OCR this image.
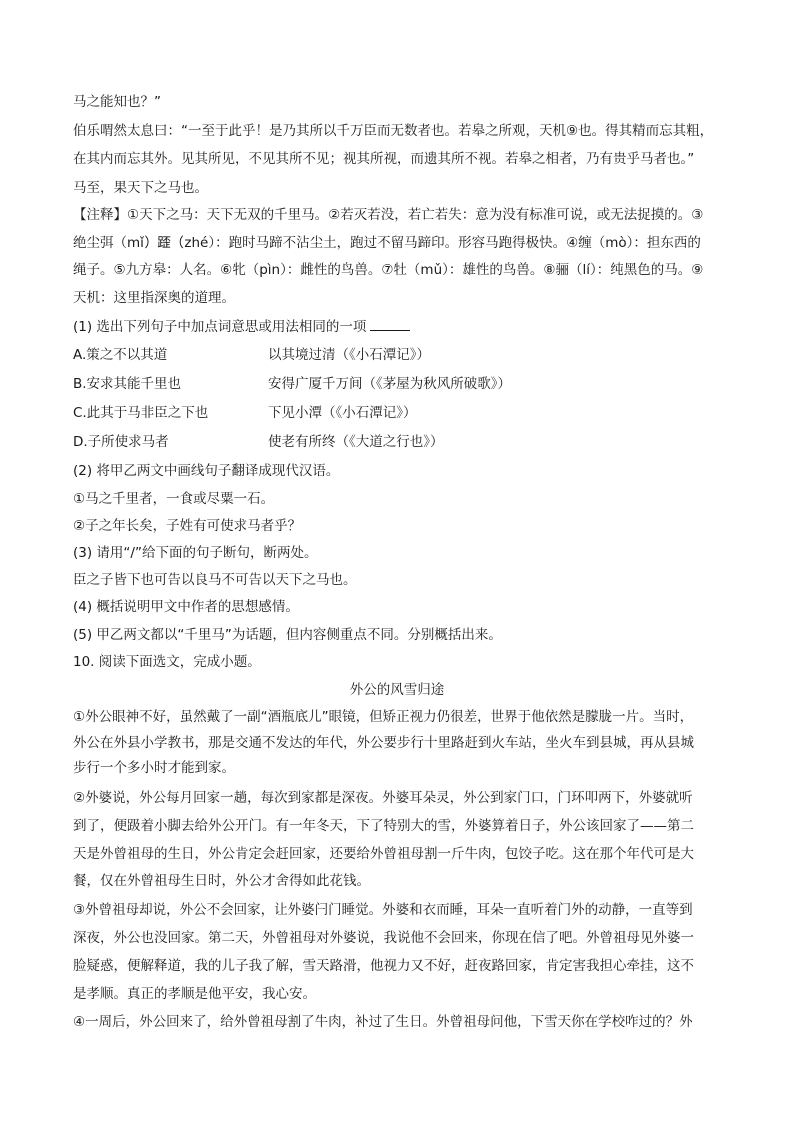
马之能知也？”
伯乐喟然太息曰：“一至于此乎！是乃其所以千万臣而无数者也。若皋之所观，天机⑨也。得其精而忘其粗，
在其内而忘其外。见其所见，不见其所不见；视其所视，而遗其所不视。若皋之相者，乃有贵乎马者也。”
马至，果天下之马也。
【注释】①天下之马：天下无双的千里马。②若灭若没，若亡若失：意为没有标准可说，或无法捉摸的。③
绝尘弭（mǐ）𨂿（zhé）：跑时马蹄不沾尘土，跑过不留马蹄印。形容马跑得极快。④缠（mò）：担东西的
绳子。⑤九方皋：人名。⑥牝（pìn）：雌性的鸟兽。⑦牡（mǔ）：雄性的鸟兽。⑧骊（lí）：纯黑色的马。⑨
天机：这里指深奥的道理。
(1) 选出下列句子中加点词意思或用法相同的一项
A.策之不以其道	以其境过清（《小石潭记》）
B.安求其能千里也	安得广厦千万间（《茅屋为秋风所破歌》）
C.此其于马非臣之下也	下见小潭（《小石潭记》）
D.子所使求马者	使老有所终（《大道之行也》）
(2) 将甲乙两文中画线句子翻译成现代汉语。
①马之千里者，一食或尽粟一石。
②子之年长矣，子姓有可使求马者乎？
(3) 请用“/”给下面的句子断句，断两处。
臣之子皆下也可告以良马不可告以天下之马也。
(4) 概括说明甲文中作者的思想感情。
(5) 甲乙两文都以“千里马”为话题，但内容侧重点不同。分别概括出来。
10. 阅读下面选文，完成小题。
外公的风雪归途
①外公眼神不好，虽然戴了一副“酒瓶底儿”眼镜，但矫正视力仍很差，世界于他依然是朦胧一片。当时，
外公在外县小学教书，那是交通不发达的年代，外公要步行十里路赶到火车站，坐火车到县城，再从县城
步行一个多小时才能到家。
②外婆说，外公每月回家一趟，每次到家都是深夜。外婆耳朵灵，外公到家门口，门环叩两下，外婆就听
到了，便趿着小脚去给外公开门。有一年冬天，下了特别大的雪，外婆算着日子，外公该回家了——第二
天是外曾祖母的生日，外公肯定会赶回家，还要给外曾祖母割一斤牛肉，包饺子吃。这在那个年代可是大
餐，仅在外曾祖母生日时，外公才舍得如此花钱。
③外曾祖母却说，外公不会回家，让外婆闩门睡觉。外婆和衣而睡，耳朵一直听着门外的动静，一直等到
深夜，外公也没回家。第二天，外曾祖母对外婆说，我说他不会回来，你现在信了吧。外曾祖母见外婆一
脸疑惑，便解释道，我的儿子我了解，雪天路滑，他视力又不好，赶夜路回家，肯定害我担心牵挂，这不
是孝顺。真正的孝顺是他平安，我心安。
④一周后，外公回来了，给外曾祖母割了牛肉，补过了生日。外曾祖母问他，下雪天你在学校咋过的？外
